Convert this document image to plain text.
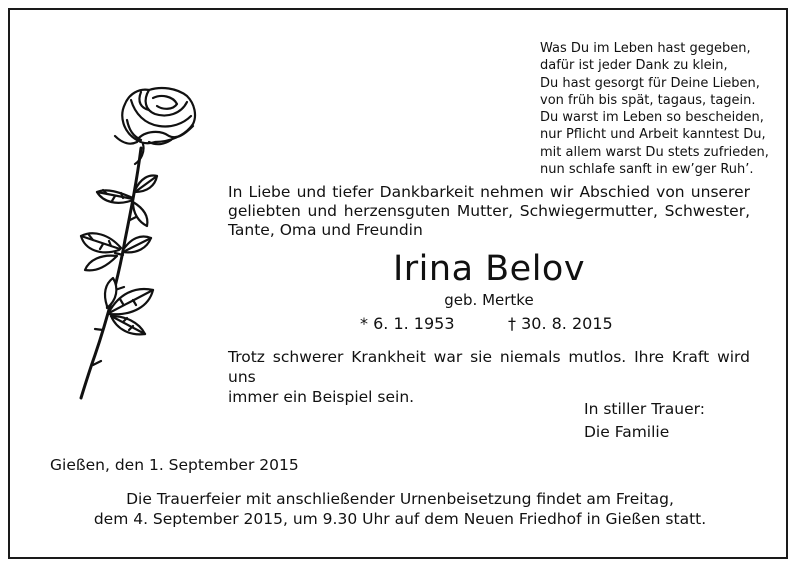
Was Du im Leben hast gegeben,
dafür ist jeder Dank zu klein,
Du hast gesorgt für Deine Lieben,
von früh bis spät, tagaus, tagein.
Du warst im Leben so bescheiden,
nur Pflicht und Arbeit kanntest Du,
mit allem warst Du stets zufrieden,
nun schlafe sanft in ew’ger Ruh’.
In Liebe und tiefer Dankbarkeit nehmen wir Abschied von unserer
geliebten und herzensguten Mutter, Schwiegermutter, Schwester,
Tante, Oma und Freundin
Irina Belov
geb. Mertke
* 6. 1. 1953	† 30. 8. 2015
Trotz schwerer Krankheit war sie niemals mutlos. Ihre Kraft wird uns
immer ein Beispiel sein.
In stiller Trauer:
Die Familie
Gießen, den 1. September 2015
Die Trauerfeier mit anschließender Urnenbeisetzung findet am Freitag,
dem 4. September 2015, um 9.30 Uhr auf dem Neuen Friedhof in Gießen statt.
